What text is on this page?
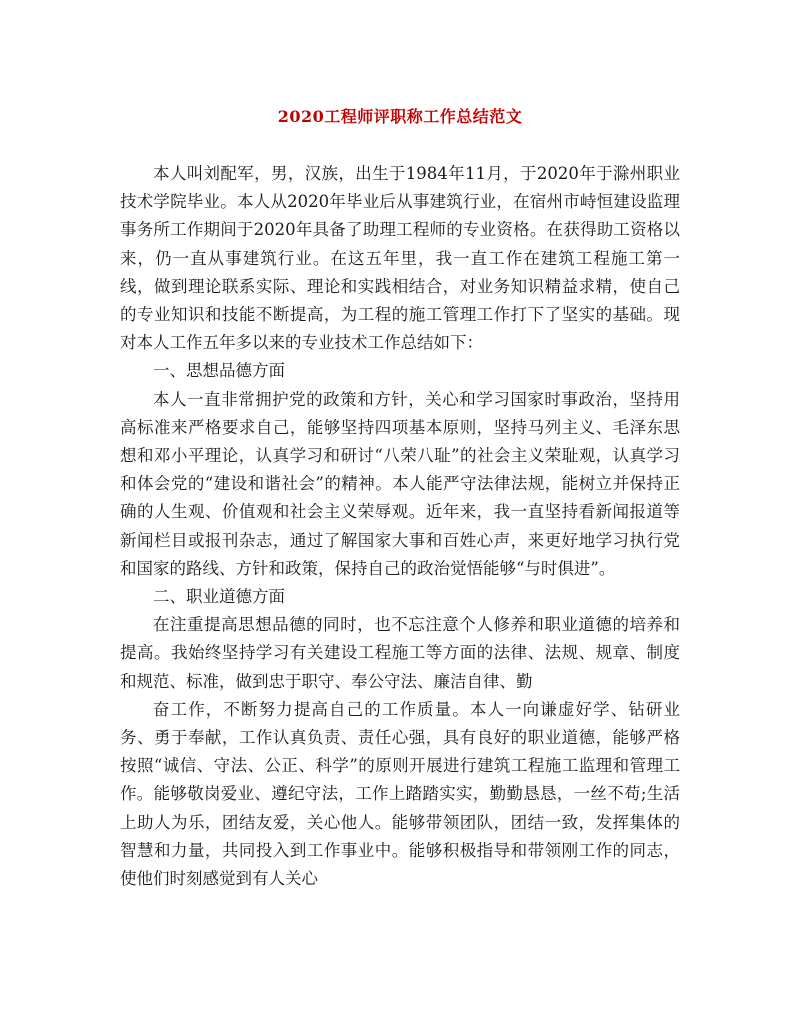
2020工程师评职称工作总结范文

本人叫刘配军，男，汉族，出生于1984年11月，于2020年于滁州职业技术学院毕业。本人从2020年毕业后从事建筑行业，在宿州市峙恒建设监理事务所工作期间于2020年具备了助理工程师的专业资格。在获得助工资格以来，仍一直从事建筑行业。在这五年里，我一直工作在建筑工程施工第一线，做到理论联系实际、理论和实践相结合，对业务知识精益求精，使自己的专业知识和技能不断提高，为工程的施工管理工作打下了坚实的基础。现对本人工作五年多以来的专业技术工作总结如下：

一、思想品德方面

本人一直非常拥护党的政策和方针，关心和学习国家时事政治，坚持用高标准来严格要求自己，能够坚持四项基本原则，坚持马列主义、毛泽东思想和邓小平理论，认真学习和研讨“八荣八耻”的社会主义荣耻观，认真学习和体会党的“建设和谐社会”的精神。本人能严守法律法规，能树立并保持正确的人生观、价值观和社会主义荣辱观。近年来，我一直坚持看新闻报道等新闻栏目或报刊杂志，通过了解国家大事和百姓心声，来更好地学习执行党和国家的路线、方针和政策，保持自己的政治觉悟能够“与时俱进”。

二、职业道德方面

在注重提高思想品德的同时，也不忘注意个人修养和职业道德的培养和提高。我始终坚持学习有关建设工程施工等方面的法律、法规、规章、制度和规范、标准，做到忠于职守、奉公守法、廉洁自律、勤

奋工作，不断努力提高自己的工作质量。本人一向谦虚好学、钻研业务、勇于奉献，工作认真负责、责任心强，具有良好的职业道德，能够严格按照“诚信、守法、公正、科学”的原则开展进行建筑工程施工监理和管理工作。能够敬岗爱业、遵纪守法，工作上踏踏实实，勤勤恳恳，一丝不苟;生活上助人为乐，团结友爱，关心他人。能够带领团队，团结一致，发挥集体的智慧和力量，共同投入到工作事业中。能够积极指导和带领刚工作的同志，使他们时刻感觉到有人关心
